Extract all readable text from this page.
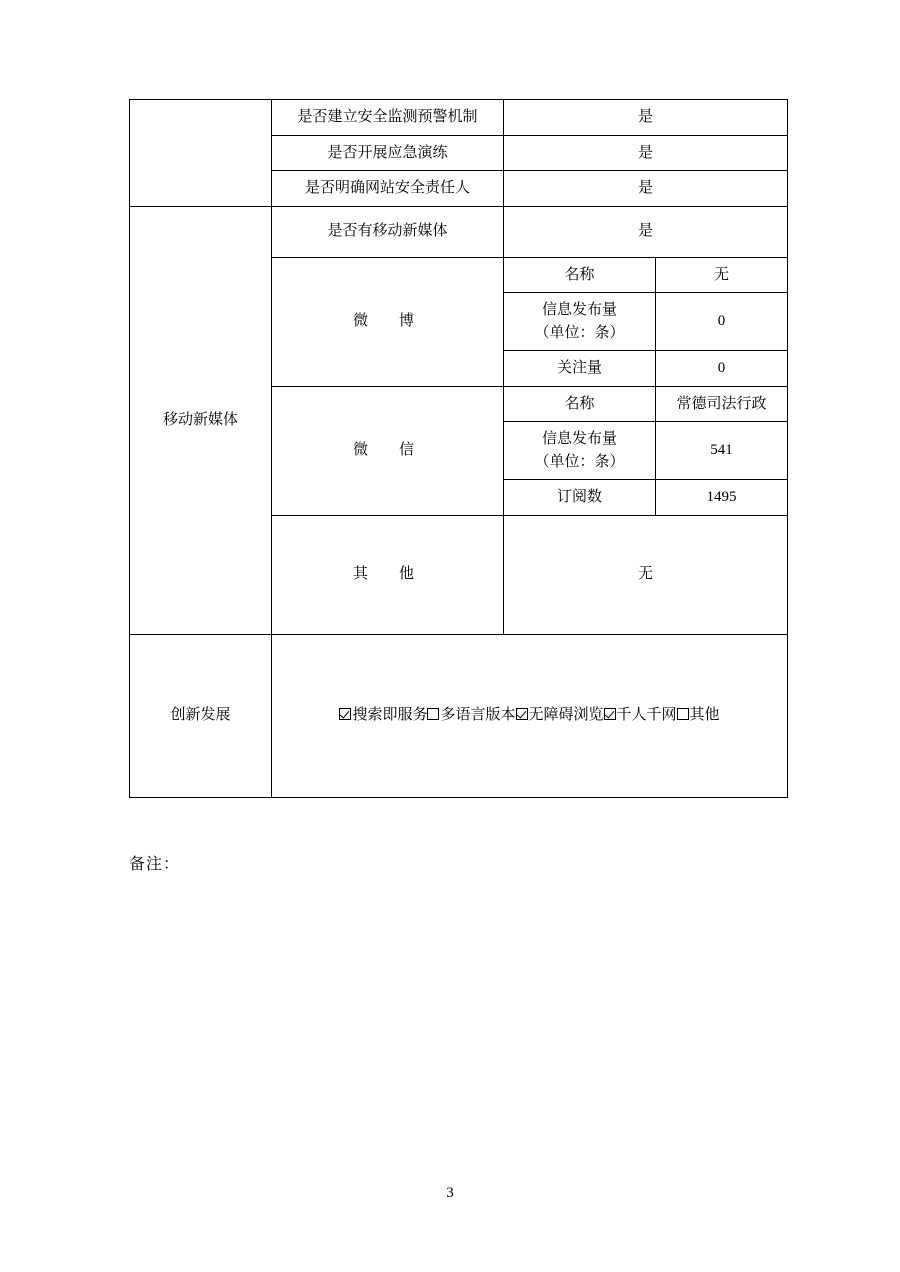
	是否建立安全监测预警机制	是	
	是否开展应急演练	是	
	是否明确网站安全责任人	是	
移动新媒体	是否有移动新媒体	是	
	微　博	名称	无

		信息发布量
（单位：条）	0
		关注量	0
	微　信	名称	常德司法行政

		信息发布量
（单位：条）	541
		订阅数	1495
	其　他	无	
创新发展	搜索即服务 多语言版本 无障碍浏览 千人千网 其他		
备注：
3
